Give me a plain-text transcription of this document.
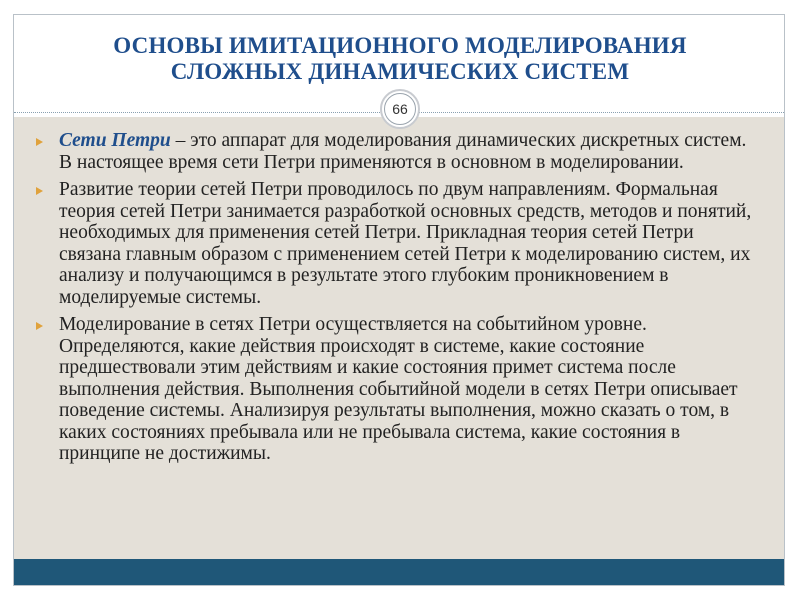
ОСНОВЫ ИМИТАЦИОННОГО МОДЕЛИРОВАНИЯ
СЛОЖНЫХ ДИНАМИЧЕСКИХ СИСТЕМ
66
Сети Петри – это аппарат для моделирования динамических дискретных систем. В настоящее время сети Петри применяются в основном в моделировании.
Развитие теории сетей Петри проводилось по двум направлениям. Формальная теория сетей Петри занимается разработкой основных средств, методов и понятий, необходимых для применения сетей Петри. Прикладная теория сетей Петри связана главным образом с применением сетей Петри к моделированию систем, их анализу и получающимся в результате этого глубоким проникновением в моделируемые системы.
Моделирование в сетях Петри осуществляется на событийном уровне. Определяются, какие действия происходят в системе, какие состояние предшествовали этим действиям и какие состояния примет система после выполнения действия. Выполнения событийной модели в сетях Петри описывает поведение системы. Анализируя результаты выполнения, можно сказать о том, в каких состояниях пребывала или не пребывала система, какие состояния в принципе не достижимы.
